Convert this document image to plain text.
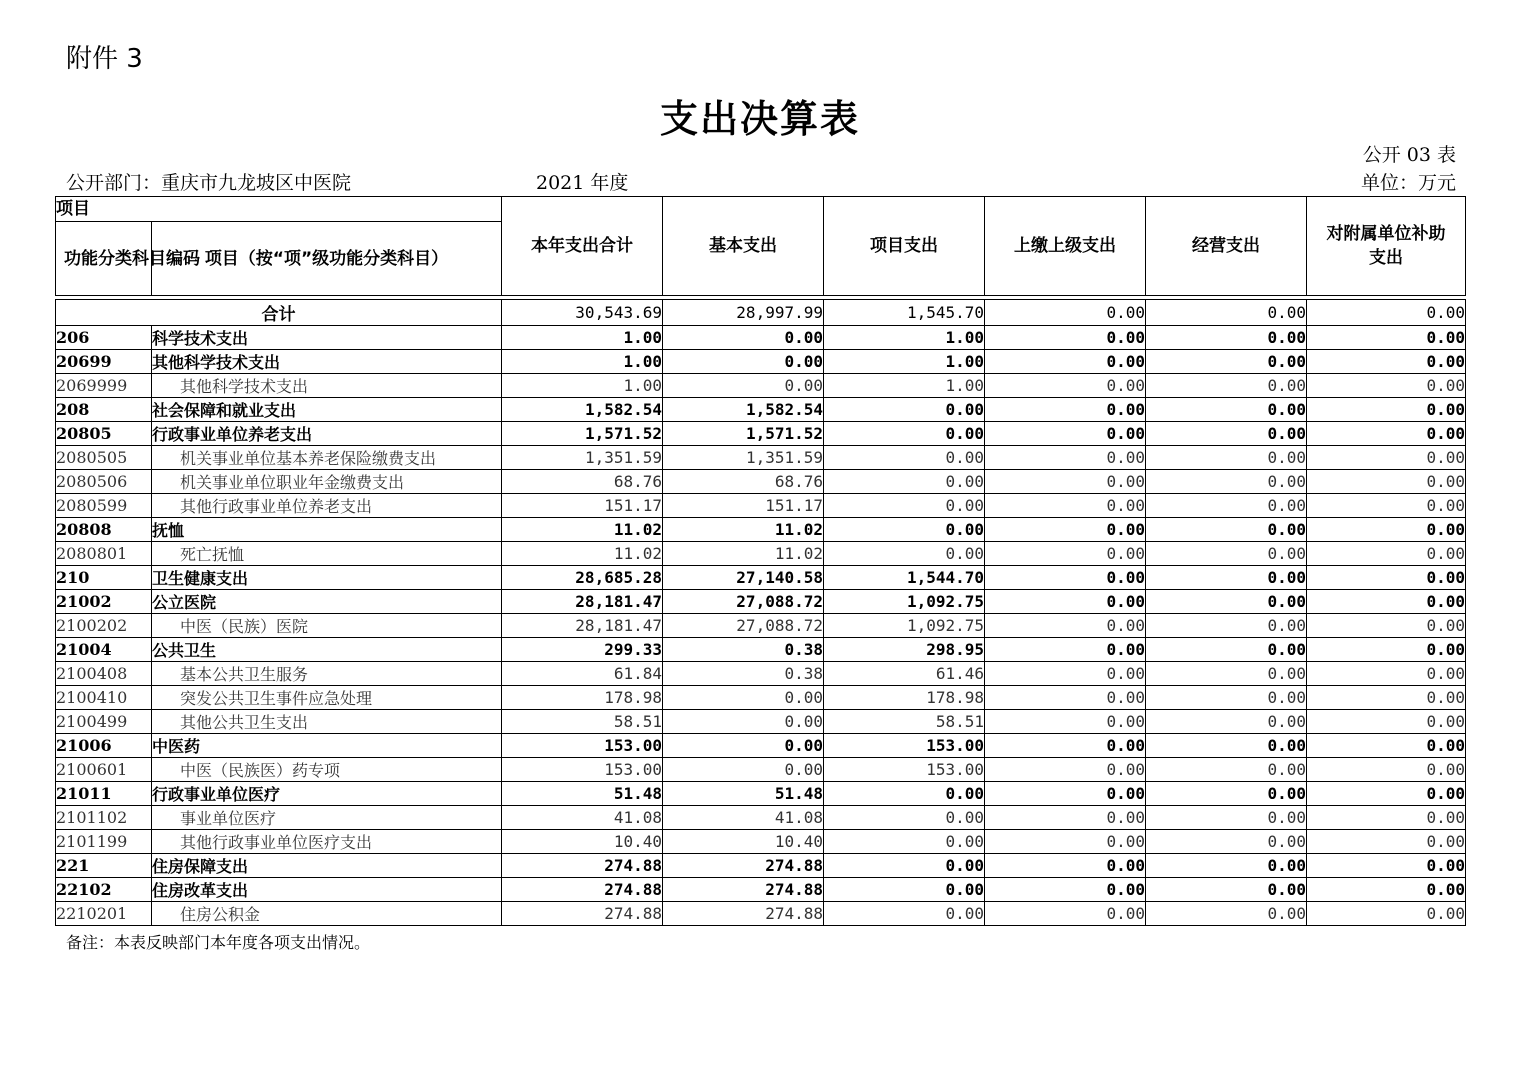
附件 3
支出决算表
公开 03 表
公开部门：重庆市九龙坡区中医院	2021 年度	单位：万元
项目		本年支出合计	基本支出	项目支出	上缴上级支出	经营支出	对附属单位补助支出
功能分类科目编码	项目（按“项”级功能分类科目）						

合计		30,543.69	28,997.99	1,545.70	0.00	0.00	0.00
206	科学技术支出	1.00	0.00	1.00	0.00	0.00	0.00
20699	其他科学技术支出	1.00	0.00	1.00	0.00	0.00	0.00
2069999	其他科学技术支出	1.00	0.00	1.00	0.00	0.00	0.00
208	社会保障和就业支出	1,582.54	1,582.54	0.00	0.00	0.00	0.00
20805	行政事业单位养老支出	1,571.52	1,571.52	0.00	0.00	0.00	0.00
2080505	机关事业单位基本养老保险缴费支出	1,351.59	1,351.59	0.00	0.00	0.00	0.00
2080506	机关事业单位职业年金缴费支出	68.76	68.76	0.00	0.00	0.00	0.00
2080599	其他行政事业单位养老支出	151.17	151.17	0.00	0.00	0.00	0.00
20808	抚恤	11.02	11.02	0.00	0.00	0.00	0.00
2080801	死亡抚恤	11.02	11.02	0.00	0.00	0.00	0.00
210	卫生健康支出	28,685.28	27,140.58	1,544.70	0.00	0.00	0.00
21002	公立医院	28,181.47	27,088.72	1,092.75	0.00	0.00	0.00
2100202	中医（民族）医院	28,181.47	27,088.72	1,092.75	0.00	0.00	0.00
21004	公共卫生	299.33	0.38	298.95	0.00	0.00	0.00
2100408	基本公共卫生服务	61.84	0.38	61.46	0.00	0.00	0.00
2100410	突发公共卫生事件应急处理	178.98	0.00	178.98	0.00	0.00	0.00
2100499	其他公共卫生支出	58.51	0.00	58.51	0.00	0.00	0.00
21006	中医药	153.00	0.00	153.00	0.00	0.00	0.00
2100601	中医（民族医）药专项	153.00	0.00	153.00	0.00	0.00	0.00
21011	行政事业单位医疗	51.48	51.48	0.00	0.00	0.00	0.00
2101102	事业单位医疗	41.08	41.08	0.00	0.00	0.00	0.00
2101199	其他行政事业单位医疗支出	10.40	10.40	0.00	0.00	0.00	0.00
221	住房保障支出	274.88	274.88	0.00	0.00	0.00	0.00
22102	住房改革支出	274.88	274.88	0.00	0.00	0.00	0.00
2210201	住房公积金	274.88	274.88	0.00	0.00	0.00	0.00
备注：本表反映部门本年度各项支出情况。
